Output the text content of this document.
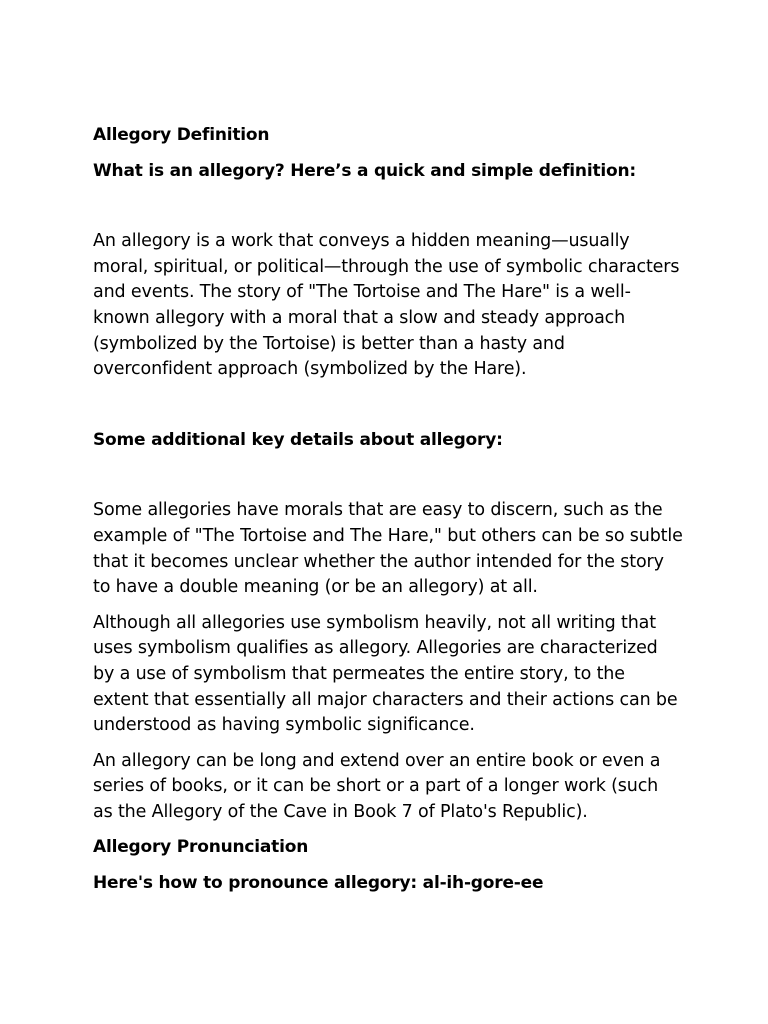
Allegory Definition

What is an allegory? Here’s a quick and simple definition:

An allegory is a work that conveys a hidden meaning—usually moral, spiritual, or political—through the use of symbolic characters and events. The story of "The Tortoise and The Hare" is a well-known allegory with a moral that a slow and steady approach (symbolized by the Tortoise) is better than a hasty and overconfident approach (symbolized by the Hare).

Some additional key details about allegory:

Some allegories have morals that are easy to discern, such as the example of "The Tortoise and The Hare," but others can be so subtle that it becomes unclear whether the author intended for the story to have a double meaning (or be an allegory) at all.

Although all allegories use symbolism heavily, not all writing that uses symbolism qualifies as allegory. Allegories are characterized by a use of symbolism that permeates the entire story, to the extent that essentially all major characters and their actions can be understood as having symbolic significance.

An allegory can be long and extend over an entire book or even a series of books, or it can be short or a part of a longer work (such as the Allegory of the Cave in Book 7 of Plato's Republic).

Allegory Pronunciation

Here's how to pronounce allegory: al-ih-gore-ee
